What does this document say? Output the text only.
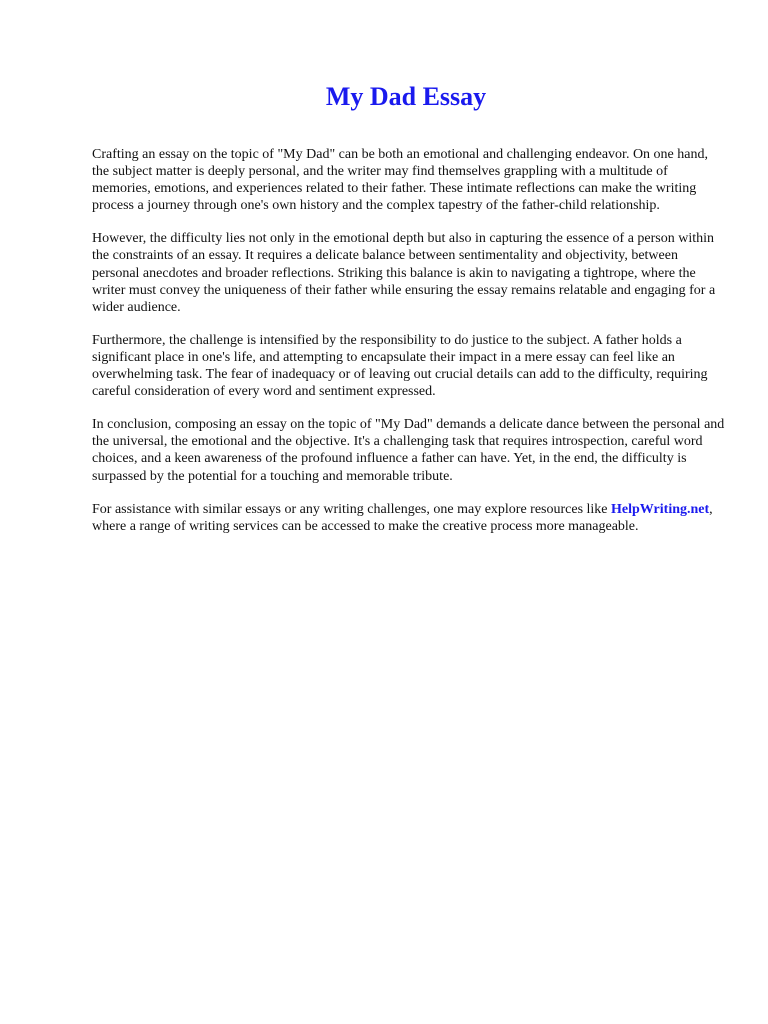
My Dad Essay

Crafting an essay on the topic of "My Dad" can be both an emotional and challenging endeavor. On one hand, the subject matter is deeply personal, and the writer may find themselves grappling with a multitude of memories, emotions, and experiences related to their father. These intimate reflections can make the writing process a journey through one's own history and the complex tapestry of the father-child relationship.

However, the difficulty lies not only in the emotional depth but also in capturing the essence of a person within the constraints of an essay. It requires a delicate balance between sentimentality and objectivity, between personal anecdotes and broader reflections. Striking this balance is akin to navigating a tightrope, where the writer must convey the uniqueness of their father while ensuring the essay remains relatable and engaging for a wider audience.

Furthermore, the challenge is intensified by the responsibility to do justice to the subject. A father holds a significant place in one's life, and attempting to encapsulate their impact in a mere essay can feel like an overwhelming task. The fear of inadequacy or of leaving out crucial details can add to the difficulty, requiring careful consideration of every word and sentiment expressed.

In conclusion, composing an essay on the topic of "My Dad" demands a delicate dance between the personal and the universal, the emotional and the objective. It's a challenging task that requires introspection, careful word choices, and a keen awareness of the profound influence a father can have. Yet, in the end, the difficulty is surpassed by the potential for a touching and memorable tribute.

For assistance with similar essays or any writing challenges, one may explore resources like HelpWriting.net, where a range of writing services can be accessed to make the creative process more manageable.
